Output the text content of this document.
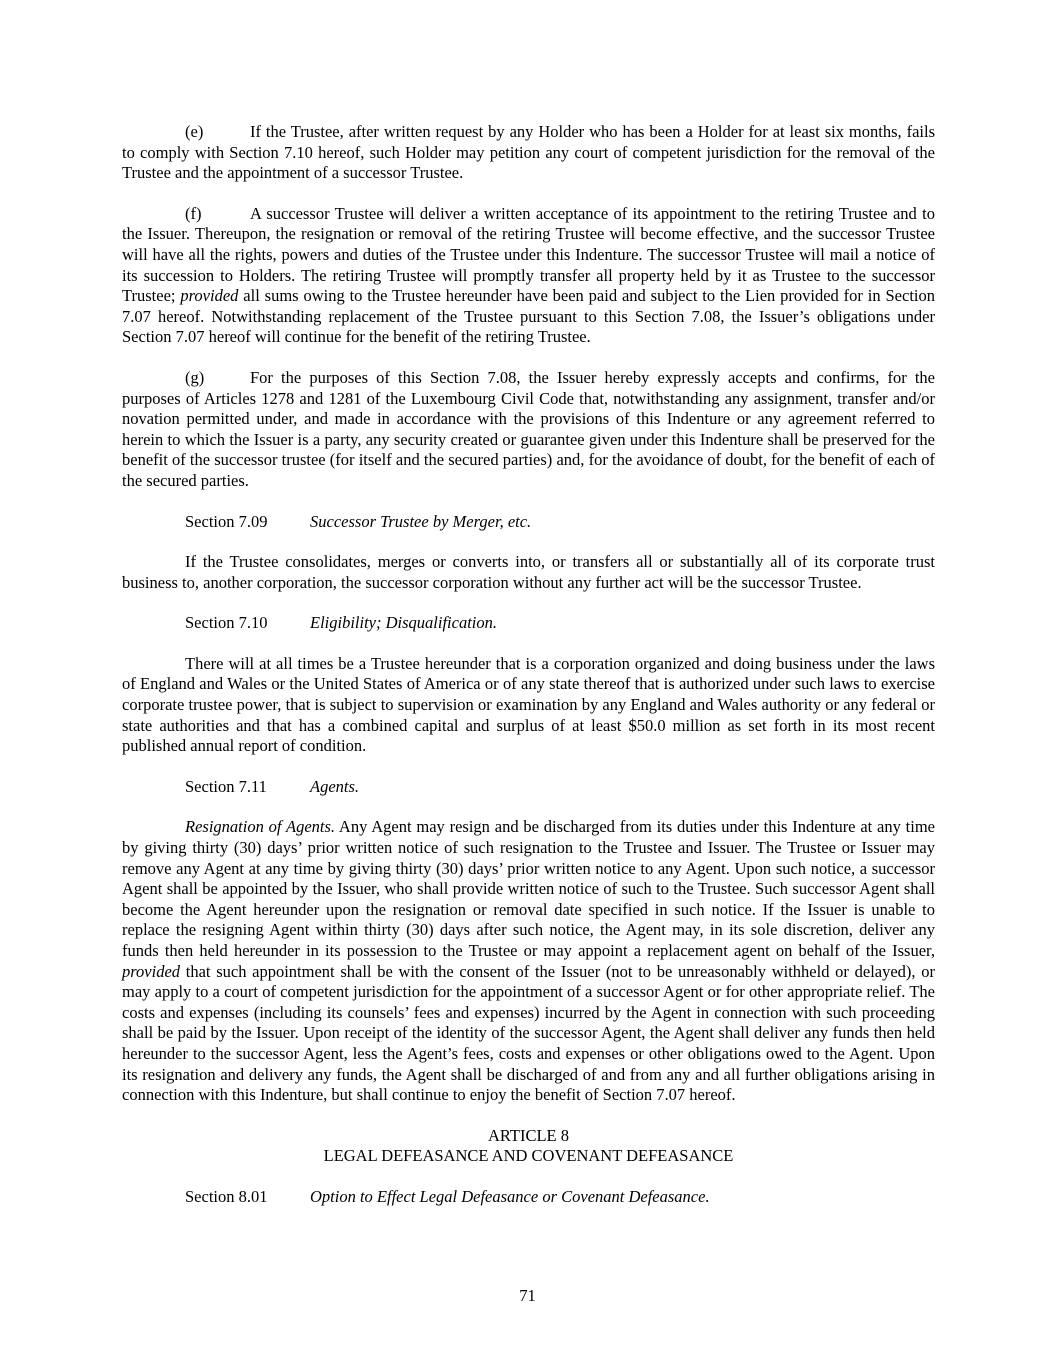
(e)	If the Trustee, after written request by any Holder who has been a Holder for at least six months, fails to comply with Section 7.10 hereof, such Holder may petition any court of competent jurisdiction for the removal of the Trustee and the appointment of a successor Trustee.

(f)	A successor Trustee will deliver a written acceptance of its appointment to the retiring Trustee and to the Issuer. Thereupon, the resignation or removal of the retiring Trustee will become effective, and the successor Trustee will have all the rights, powers and duties of the Trustee under this Indenture. The successor Trustee will mail a notice of its succession to Holders. The retiring Trustee will promptly transfer all property held by it as Trustee to the successor Trustee; provided all sums owing to the Trustee hereunder have been paid and subject to the Lien provided for in Section 7.07 hereof. Notwithstanding replacement of the Trustee pursuant to this Section 7.08, the Issuer’s obligations under Section 7.07 hereof will continue for the benefit of the retiring Trustee.

(g)	For the purposes of this Section 7.08, the Issuer hereby expressly accepts and confirms, for the purposes of Articles 1278 and 1281 of the Luxembourg Civil Code that, notwithstanding any assignment, transfer and/or novation permitted under, and made in accordance with the provisions of this Indenture or any agreement referred to herein to which the Issuer is a party, any security created or guarantee given under this Indenture shall be preserved for the benefit of the successor trustee (for itself and the secured parties) and, for the avoidance of doubt, for the benefit of each of the secured parties.

Section 7.09	Successor Trustee by Merger, etc.

If the Trustee consolidates, merges or converts into, or transfers all or substantially all of its corporate trust business to, another corporation, the successor corporation without any further act will be the successor Trustee.

Section 7.10	Eligibility; Disqualification.

There will at all times be a Trustee hereunder that is a corporation organized and doing business under the laws of England and Wales or the United States of America or of any state thereof that is authorized under such laws to exercise corporate trustee power, that is subject to supervision or examination by any England and Wales authority or any federal or state authorities and that has a combined capital and surplus of at least $50.0 million as set forth in its most recent published annual report of condition.

Section 7.11	Agents.

Resignation of Agents. Any Agent may resign and be discharged from its duties under this Indenture at any time by giving thirty (30) days’ prior written notice of such resignation to the Trustee and Issuer. The Trustee or Issuer may remove any Agent at any time by giving thirty (30) days’ prior written notice to any Agent. Upon such notice, a successor Agent shall be appointed by the Issuer, who shall provide written notice of such to the Trustee. Such successor Agent shall become the Agent hereunder upon the resignation or removal date specified in such notice. If the Issuer is unable to replace the resigning Agent within thirty (30) days after such notice, the Agent may, in its sole discretion, deliver any funds then held hereunder in its possession to the Trustee or may appoint a replacement agent on behalf of the Issuer, provided that such appointment shall be with the consent of the Issuer (not to be unreasonably withheld or delayed), or may apply to a court of competent jurisdiction for the appointment of a successor Agent or for other appropriate relief. The costs and expenses (including its counsels’ fees and expenses) incurred by the Agent in connection with such proceeding shall be paid by the Issuer. Upon receipt of the identity of the successor Agent, the Agent shall deliver any funds then held hereunder to the successor Agent, less the Agent’s fees, costs and expenses or other obligations owed to the Agent. Upon its resignation and delivery any funds, the Agent shall be discharged of and from any and all further obligations arising in connection with this Indenture, but shall continue to enjoy the benefit of Section 7.07 hereof.

ARTICLE 8
LEGAL DEFEASANCE AND COVENANT DEFEASANCE

Section 8.01	Option to Effect Legal Defeasance or Covenant Defeasance.

71
